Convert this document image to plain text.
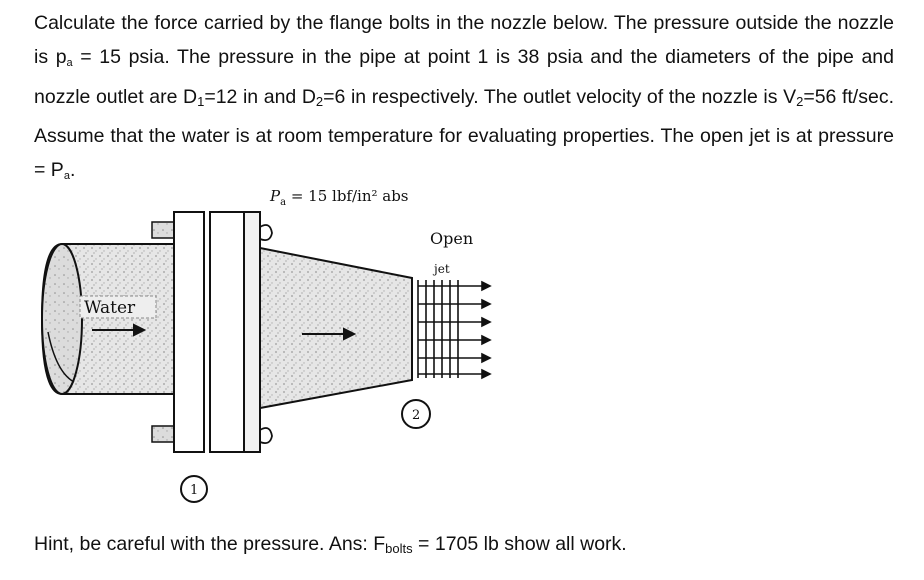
Calculate the force carried by the flange bolts in the nozzle below. The pressure outside the nozzle is $p_a = 15$ psia. The pressure in the pipe at point 1 is 38 psia and the diameters of the pipe and nozzle outlet are $D_1=12$ in and $D_2=6$ in respectively. The outlet velocity of the nozzle is $V_2=56$ ft/sec. Assume that the water is at room temperature for evaluating properties. The open jet is at pressure = $P_a$.
$P_a = 15$ lbf/in² abs
Water
Open
jet
1
2
Hint, be careful with the pressure. Ans: $F_{bolts} = 1705$ lb show all work.
